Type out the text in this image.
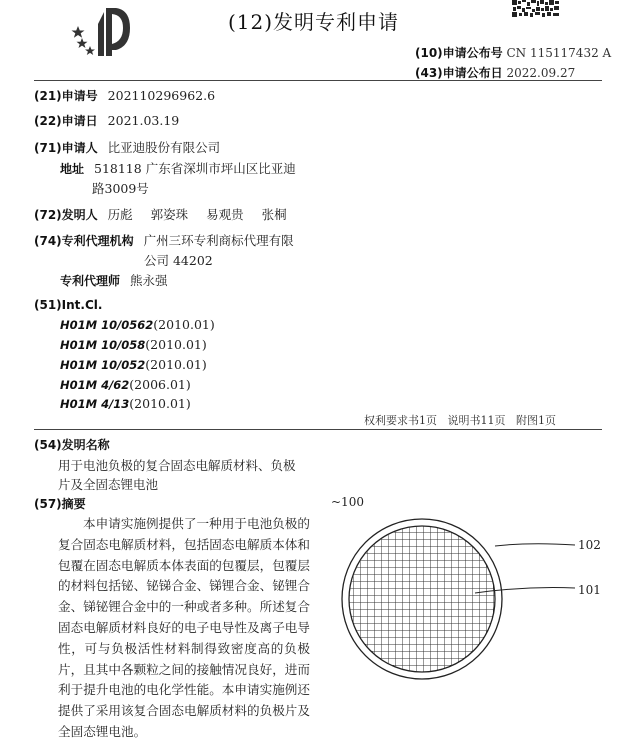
(12)发明专利申请
(10)申请公布号 CN 115117432 A
(43)申请公布日 2022.09.27
(21)申请号 202110296962.6
(22)申请日 2021.03.19
(71)申请人 比亚迪股份有限公司
地址 518118 广东省深圳市坪山区比亚迪
路3009号
(72)发明人 历彪 郭姿珠 易观贵 张桐
(74)专利代理机构 广州三环专利商标代理有限
公司 44202
专利代理师 熊永强
(51)Int.Cl.
H01M 10/0562(2010.01)
H01M 10/058(2010.01)
H01M 10/052(2010.01)
H01M 4/62(2006.01)
H01M 4/13(2010.01)
权利要求书1页   说明书11页   附图1页
(54)发明名称
用于电池负极的复合固态电解质材料、负极
片及全固态锂电池
(57)摘要
本申请实施例提供了一种用于电池负极的复合固态电解质材料，包括固态电解质本体和包覆在固态电解质本体表面的包覆层，包覆层的材料包括铋、铋锑合金、锑锂合金、铋锂合金、锑铋锂合金中的一种或者多种。所述复合固态电解质材料良好的电子电导性及离子电导性，可与负极活性材料制得致密度高的负极片，且其中各颗粒之间的接触情况良好，进而利于提升电池的电化学性能。本申请实施例还提供了采用该复合固态电解质材料的负极片及全固态锂电池。
~100
102
101
